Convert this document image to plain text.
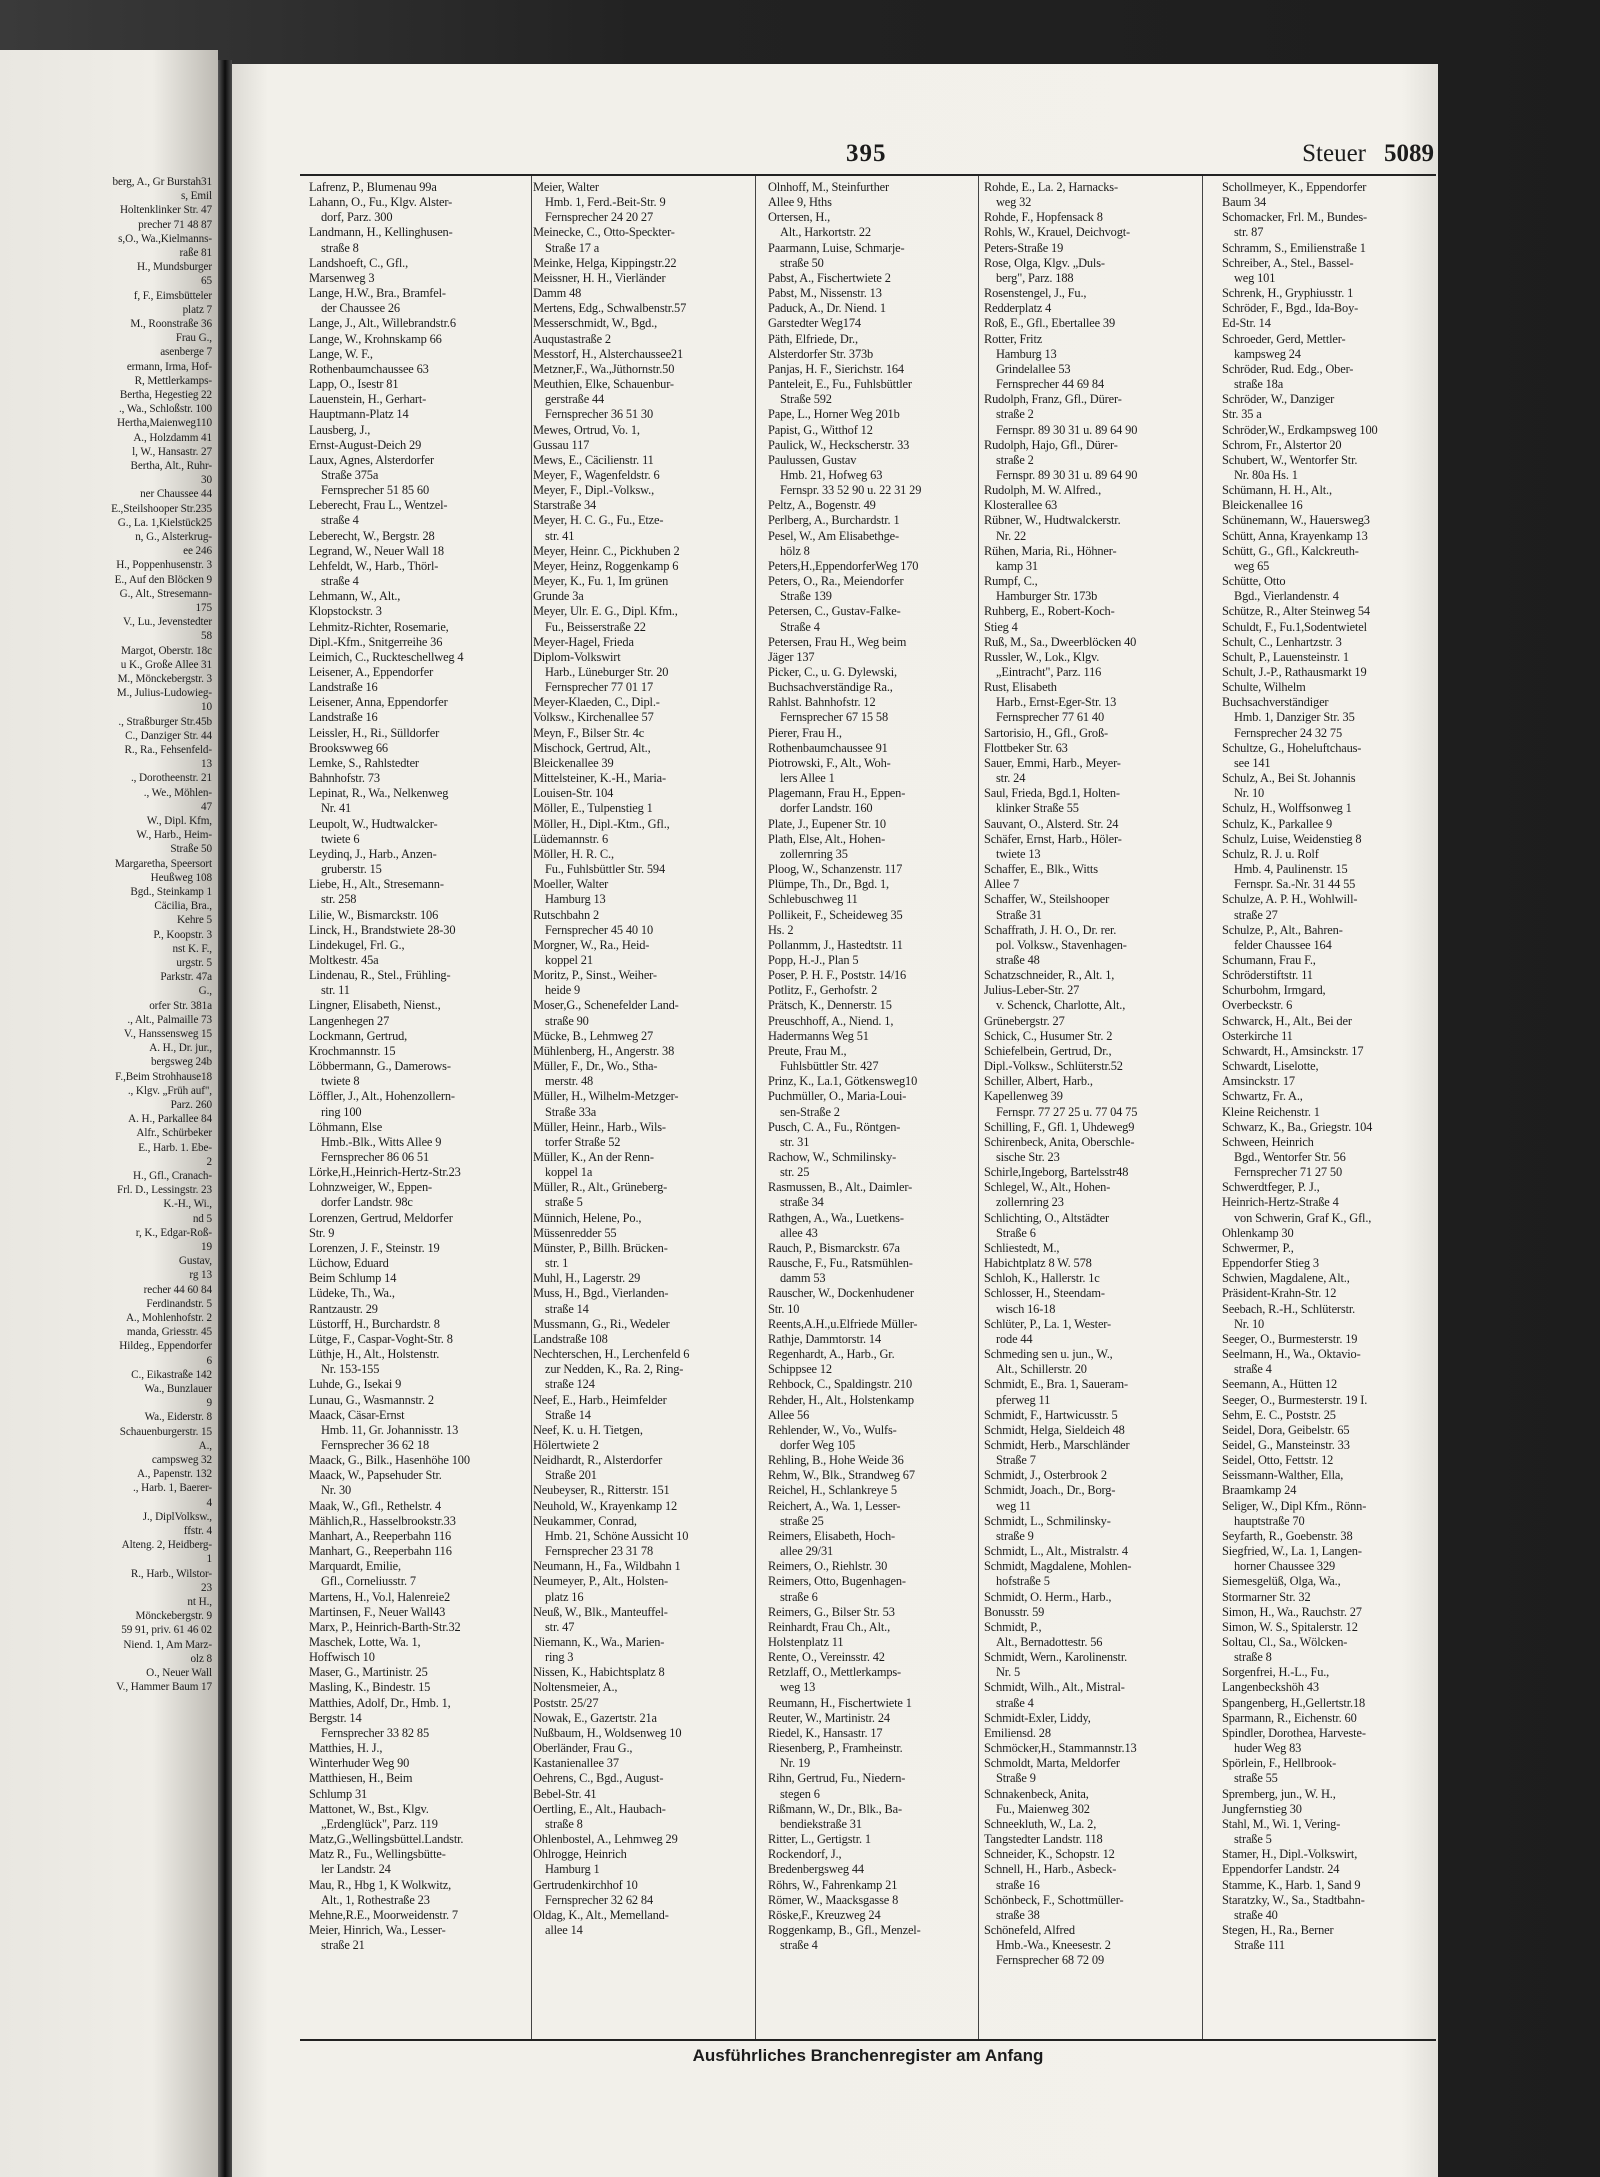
berg, A., Gr Burstah31
s, Emil
Holtenklinker Str. 47
precher 71 48 87
s,O., Wa.,Kielmanns-
raße 81
H., Mundsburger
65
f, F., Eimsbütteler
platz 7
M., Roonstraße 36
Frau G.,
asenberge 7
ermann, Irma, Hof-
R, Mettlerkamps-
Bertha, Hegestieg 22
., Wa., Schloßstr. 100
Hertha,Maienweg110
A., Holzdamm 41
l, W., Hansastr. 27
Bertha, Alt., Ruhr-
30
ner Chaussee 44
E.,Steilshooper Str.235
G., La. 1,Kielstück25
n, G., Alsterkrug-
ee 246
H., Poppenhusenstr. 3
E., Auf den Blöcken 9
G., Alt., Stresemann-
175
V., Lu., Jevenstedter
58
Margot, Oberstr. 18c
u K., Große Allee 31
M., Mönckebergstr. 3
M., Julius-Ludowieg-
10
., Straßburger Str.45b
C., Danziger Str. 44
R., Ra., Fehsenfeld-
13
., Dorotheenstr. 21
., We., Möhlen-
47
W., Dipl. Kfm,
W., Harb., Heim-
Straße 50
Margaretha, Speersort
Heußweg 108
Bgd., Steinkamp 1
Cäcilia, Bra.,
Kehre 5
P., Koopstr. 3
nst K. F.,
urgstr. 5
Parkstr. 47a
G.,
orfer Str. 381a
., Alt., Palmaille 73
V., Hanssensweg 15
A. H., Dr. jur.,
bergsweg 24b
F.,Beim Strohhause18
., Klgv. „Früh auf",
Parz. 260
A. H., Parkallee 84
Alfr., Schürbeker
E., Harb. 1. Ebe-
2
H., Gfl., Cranach-
Frl. D., Lessingstr. 23
K.-H., Wi.,
nd 5
r, K., Edgar-Roß-
19
Gustav,
rg 13
recher 44 60 84
Ferdinandstr. 5
A., Mohlenhofstr. 2
manda, Griesstr. 45
Hildeg., Eppendorfer
6
C., Eikastraße 142
Wa., Bunzlauer
9
Wa., Eiderstr. 8
Schauenburgerstr. 15
A.,
campsweg 32
A., Papenstr. 132
., Harb. 1, Baerer-
4
J., DiplVolksw.,
ffstr. 4
Alteng. 2, Heidberg-
1
R., Harb., Wilstor-
23
nt H.,
Mönckebergstr. 9
59 91, priv. 61 46 02
Niend. 1, Am Marz-
olz 8
O., Neuer Wall
V., Hammer Baum 17
395	Steuer 5089
Lafrenz, P., Blumenau 99a
Lahann, O., Fu., Klgv. Alster-
dorf, Parz. 300
Landmann, H., Kellinghusen-
straße 8
Landshoeft, C., Gfl.,
Marsenweg 3
Lange, H.W., Bra., Bramfel-
der Chaussee 26
Lange, J., Alt., Willebrandstr.6
Lange, W., Krohnskamp 66
Lange, W. F.,
Rothenbaumchaussee 63
Lapp, O., Isestr 81
Lauenstein, H., Gerhart-
Hauptmann-Platz 14
Lausberg, J.,
Ernst-August-Deich 29
Laux, Agnes, Alsterdorfer
Straße 375a
Fernsprecher 51 85 60
Leberecht, Frau L., Wentzel-
straße 4
Leberecht, W., Bergstr. 28
Legrand, W., Neuer Wall 18
Lehfeldt, W., Harb., Thörl-
straße 4
Lehmann, W., Alt.,
Klopstockstr. 3
Lehmitz-Richter, Rosemarie,
Dipl.-Kfm., Snitgerreihe 36
Leimich, C., Ruckteschellweg 4
Leisener, A., Eppendorfer
Landstraße 16
Leisener, Anna, Eppendorfer
Landstraße 16
Leissler, H., Ri., Sülldorfer
Brookswweg 66
Lemke, S., Rahlstedter
Bahnhofstr. 73
Lepinat, R., Wa., Nelkenweg
Nr. 41
Leupolt, W., Hudtwalcker-
twiete 6
Leydinq, J., Harb., Anzen-
gruberstr. 15
Liebe, H., Alt., Stresemann-
str. 258
Lilie, W., Bismarckstr. 106
Linck, H., Brandstwiete 28-30
Lindekugel, Frl. G.,
Moltkestr. 45a
Lindenau, R., Stel., Frühling-
str. 11
Lingner, Elisabeth, Nienst.,
Langenhegen 27
Lockmann, Gertrud,
Krochmannstr. 15
Löbbermann, G., Damerows-
twiete 8
Löffler, J., Alt., Hohenzollern-
ring 100
Löhmann, Else
Hmb.-Blk., Witts Allee 9
Fernsprecher 86 06 51
Lörke,H.,Heinrich-Hertz-Str.23
Lohnzweiger, W., Eppen-
dorfer Landstr. 98c
Lorenzen, Gertrud, Meldorfer
Str. 9
Lorenzen, J. F., Steinstr. 19
Lüchow, Eduard
Beim Schlump 14
Lüdeke, Th., Wa.,
Rantzaustr. 29
Lüstorff, H., Burchardstr. 8
Lütge, F., Caspar-Voght-Str. 8
Lüthje, H., Alt., Holstenstr.
Nr. 153-155
Luhde, G., Isekai 9
Lunau, G., Wasmannstr. 2
Maack, Cäsar-Ernst
Hmb. 11, Gr. Johannisstr. 13
Fernsprecher 36 62 18
Maack, G., Bilk., Hasenhöhe 100
Maack, W., Papsehuder Str.
Nr. 30
Maak, W., Gfl., Rethelstr. 4
Mählich,R., Hasselbrookstr.33
Manhart, A., Reeperbahn 116
Manhart, G., Reeperbahn 116
Marquardt, Emilie,
Gfl., Corneliusstr. 7
Martens, H., Vo.l, Halenreie2
Martinsen, F., Neuer Wall43
Marx, P., Heinrich-Barth-Str.32
Maschek, Lotte, Wa. 1,
Hoffwisch 10
Maser, G., Martinistr. 25
Masling, K., Bindestr. 15
Matthies, Adolf, Dr., Hmb. 1,
Bergstr. 14
Fernsprecher 33 82 85
Matthies, H. J.,
Winterhuder Weg 90
Matthiesen, H., Beim
Schlump 31
Mattonet, W., Bst., Klgv.
„Erdenglück", Parz. 119
Matz,G.,Wellingsbüttel.Landstr.
Matz R., Fu., Wellingsbütte-
ler Landstr. 24
Mau, R., Hbg 1, K Wolkwitz,
Alt., 1, Rothestraße 23
Mehne,R.E., Moorweidenstr. 7
Meier, Hinrich, Wa., Lesser-
straße 21
Meier, Walter
Hmb. 1, Ferd.-Beit-Str. 9
Fernsprecher 24 20 27
Meinecke, C., Otto-Speckter-
Straße 17 a
Meinke, Helga, Kippingstr.22
Meissner, H. H., Vierländer
Damm 48
Mertens, Edg., Schwalbenstr.57
Messerschmidt, W., Bgd.,
Auqustastraße 2
Messtorf, H., Alsterchaussee21
Metzner,F., Wa.,Jüthornstr.50
Meuthien, Elke, Schauenbur-
gerstraße 44
Fernsprecher 36 51 30
Mewes, Ortrud, Vo. 1,
Gussau 117
Mews, E., Cäcilienstr. 11
Meyer, F., Wagenfeldstr. 6
Meyer, F., Dipl.-Volksw.,
Starstraße 34
Meyer, H. C. G., Fu., Etze-
str. 41
Meyer, Heinr. C., Pickhuben 2
Meyer, Heinz, Roggenkamp 6
Meyer, K., Fu. 1, Im grünen
Grunde 3a
Meyer, Ulr. E. G., Dipl. Kfm.,
Fu., Beisserstraße 22
Meyer-Hagel, Frieda
Diplom-Volkswirt
Harb., Lüneburger Str. 20
Fernsprecher 77 01 17
Meyer-Klaeden, C., Dipl.-
Volksw., Kirchenallee 57
Meyn, F., Bilser Str. 4c
Mischock, Gertrud, Alt.,
Bleickenallee 39
Mittelsteiner, K.-H., Maria-
Louisen-Str. 104
Möller, E., Tulpenstieg 1
Möller, H., Dipl.-Ktm., Gfl.,
Lüdemannstr. 6
Möller, H. R. C.,
Fu., Fuhlsbüttler Str. 594
Moeller, Walter
Hamburg 13
Rutschbahn 2
Fernsprecher 45 40 10
Morgner, W., Ra., Heid-
koppel 21
Moritz, P., Sinst., Weiher-
heide 9
Moser,G., Schenefelder Land-
straße 90
Mücke, B., Lehmweg 27
Mühlenberg, H., Angerstr. 38
Müller, F., Dr., Wo., Stha-
merstr. 48
Müller, H., Wilhelm-Metzger-
Straße 33a
Müller, Heinr., Harb., Wils-
torfer Straße 52
Müller, K., An der Renn-
koppel 1a
Müller, R., Alt., Grüneberg-
straße 5
Münnich, Helene, Po.,
Müssenredder 55
Münster, P., Billh. Brücken-
str. 1
Muhl, H., Lagerstr. 29
Muss, H., Bgd., Vierlanden-
straße 14
Mussmann, G., Ri., Wedeler
Landstraße 108
Nechterschen, H., Lerchenfeld 6
zur Nedden, K., Ra. 2, Ring-
straße 124
Neef, E., Harb., Heimfelder
Straße 14
Neef, K. u. H. Tietgen,
Hölertwiete 2
Neidhardt, R., Alsterdorfer
Straße 201
Neubeyser, R., Ritterstr. 151
Neuhold, W., Krayenkamp 12
Neukammer, Conrad,
Hmb. 21, Schöne Aussicht 10
Fernsprecher 23 31 78
Neumann, H., Fa., Wildbahn 1
Neumeyer, P., Alt., Holsten-
platz 16
Neuß, W., Blk., Manteuffel-
str. 47
Niemann, K., Wa., Marien-
ring 3
Nissen, K., Habichtsplatz 8
Noltensmeier, A.,
Poststr. 25/27
Nowak, E., Gazertstr. 21a
Nußbaum, H., Woldsenweg 10
Oberländer, Frau G.,
Kastanienallee 37
Oehrens, C., Bgd., August-
Bebel-Str. 41
Oertling, E., Alt., Haubach-
straße 8
Ohlenbostel, A., Lehmweg 29
Ohlrogge, Heinrich
Hamburg 1
Gertrudenkirchhof 10
Fernsprecher 32 62 84
Oldag, K., Alt., Memelland-
allee 14
Olnhoff, M., Steinfurther
Allee 9, Hths
Ortersen, H.,
Alt., Harkortstr. 22
Paarmann, Luise, Schmarje-
straße 50
Pabst, A., Fischertwiete 2
Pabst, M., Nissenstr. 13
Paduck, A., Dr. Niend. 1
Garstedter Weg174
Päth, Elfriede, Dr.,
Alsterdorfer Str. 373b
Panjas, H. F., Sierichstr. 164
Panteleit, E., Fu., Fuhlsbüttler
Straße 592
Pape, L., Horner Weg 201b
Papist, G., Witthof 12
Paulick, W., Heckscherstr. 33
Paulussen, Gustav
Hmb. 21, Hofweg 63
Fernspr. 33 52 90 u. 22 31 29
Peltz, A., Bogenstr. 49
Perlberg, A., Burchardstr. 1
Pesel, W., Am Elisabethge-
hölz 8
Peters,H.,EppendorferWeg 170
Peters, O., Ra., Meiendorfer
Straße 139
Petersen, C., Gustav-Falke-
Straße 4
Petersen, Frau H., Weg beim
Jäger 137
Picker, C., u. G. Dylewski,
Buchsachverständige Ra.,
Rahlst. Bahnhofstr. 12
Fernsprecher 67 15 58
Pierer, Frau H.,
Rothenbaumchaussee 91
Piotrowski, F., Alt., Woh-
lers Allee 1
Plagemann, Frau H., Eppen-
dorfer Landstr. 160
Plate, J., Eupener Str. 10
Plath, Else, Alt., Hohen-
zollernring 35
Ploog, W., Schanzenstr. 117
Plümpe, Th., Dr., Bgd. 1,
Schlebuschweg 11
Pollikeit, F., Scheideweg 35
Hs. 2
Pollanmm, J., Hastedtstr. 11
Popp, H.-J., Plan 5
Poser, P. H. F., Poststr. 14/16
Potlitz, F., Gerhofstr. 2
Prätsch, K., Dennerstr. 15
Preuschhoff, A., Niend. 1,
Hadermanns Weg 51
Preute, Frau M.,
Fuhlsbüttler Str. 427
Prinz, K., La.1, Götkensweg10
Puchmüller, O., Maria-Loui-
sen-Straße 2
Pusch, C. A., Fu., Röntgen-
str. 31
Rachow, W., Schmilinsky-
str. 25
Rasmussen, B., Alt., Daimler-
straße 34
Rathgen, A., Wa., Luetkens-
allee 43
Rauch, P., Bismarckstr. 67a
Rausche, F., Fu., Ratsmühlen-
damm 53
Rauscher, W., Dockenhudener
Str. 10
Reents,A.H.,u.Elfriede Müller-
Rathje, Dammtorstr. 14
Regenhardt, A., Harb., Gr.
Schippsee 12
Rehbock, C., Spaldingstr. 210
Rehder, H., Alt., Holstenkamp
Allee 56
Rehlender, W., Vo., Wulfs-
dorfer Weg 105
Rehling, B., Hohe Weide 36
Rehm, W., Blk., Strandweg 67
Reichel, H., Schlankreye 5
Reichert, A., Wa. 1, Lesser-
straße 25
Reimers, Elisabeth, Hoch-
allee 29/31
Reimers, O., Riehlstr. 30
Reimers, Otto, Bugenhagen-
straße 6
Reimers, G., Bilser Str. 53
Reinhardt, Frau Ch., Alt.,
Holstenplatz 11
Rente, O., Vereinsstr. 42
Retzlaff, O., Mettlerkamps-
weg 13
Reumann, H., Fischertwiete 1
Reuter, W., Martinistr. 24
Riedel, K., Hansastr. 17
Riesenberg, P., Framheinstr.
Nr. 19
Rihn, Gertrud, Fu., Niedern-
stegen 6
Rißmann, W., Dr., Blk., Ba-
bendiekstraße 31
Ritter, L., Gertigstr. 1
Rockendorf, J.,
Bredenbergsweg 44
Röhrs, W., Fahrenkamp 21
Römer, W., Maacksgasse 8
Röske,F., Kreuzweg 24
Roggenkamp, B., Gfl., Menzel-
straße 4
Rohde, E., La. 2, Harnacks-
weg 32
Rohde, F., Hopfensack 8
Rohls, W., Krauel, Deichvogt-
Peters-Straße 19
Rose, Olga, Klgv. „Duls-
berg", Parz. 188
Rosenstengel, J., Fu.,
Redderplatz 4
Roß, E., Gfl., Ebertallee 39
Rotter, Fritz
Hamburg 13
Grindelallee 53
Fernsprecher 44 69 84
Rudolph, Franz, Gfl., Dürer-
straße 2
Fernspr. 89 30 31 u. 89 64 90
Rudolph, Hajo, Gfl., Dürer-
straße 2
Fernspr. 89 30 31 u. 89 64 90
Rudolph, M. W. Alfred.,
Klosterallee 63
Rübner, W., Hudtwalckerstr.
Nr. 22
Rühen, Maria, Ri., Höhner-
kamp 31
Rumpf, C.,
Hamburger Str. 173b
Ruhberg, E., Robert-Koch-
Stieg 4
Ruß, M., Sa., Dweerblöcken 40
Russler, W., Lok., Klgv.
„Eintracht", Parz. 116
Rust, Elisabeth
Harb., Ernst-Eger-Str. 13
Fernsprecher 77 61 40
Sartorisio, H., Gfl., Groß-
Flottbeker Str. 63
Sauer, Emmi, Harb., Meyer-
str. 24
Saul, Frieda, Bgd.1, Holten-
klinker Straße 55
Sauvant, O., Alsterd. Str. 24
Schäfer, Ernst, Harb., Höler-
twiete 13
Schaffer, E., Blk., Witts
Allee 7
Schaffer, W., Steilshooper
Straße 31
Schaffrath, J. H. O., Dr. rer.
pol. Volksw., Stavenhagen-
straße 48
Schatzschneider, R., Alt. 1,
Julius-Leber-Str. 27
v. Schenck, Charlotte, Alt.,
Grünebergstr. 27
Schick, C., Husumer Str. 2
Schiefelbein, Gertrud, Dr.,
Dipl.-Volksw., Schlüterstr.52
Schiller, Albert, Harb.,
Kapellenweg 39
Fernspr. 77 27 25 u. 77 04 75
Schilling, F., Gfl. 1, Uhdeweg9
Schirenbeck, Anita, Oberschle-
sische Str. 23
Schirle,Ingeborg, Bartelsstr48
Schlegel, W., Alt., Hohen-
zollernring 23
Schlichting, O., Altstädter
Straße 6
Schliestedt, M.,
Habichtplatz 8 W. 578
Schloh, K., Hallerstr. 1c
Schlosser, H., Steendam-
wisch 16-18
Schlüter, P., La. 1, Wester-
rode 44
Schmeding sen u. jun., W.,
Alt., Schillerstr. 20
Schmidt, E., Bra. 1, Saueram-
pferweg 11
Schmidt, F., Hartwicusstr. 5
Schmidt, Helga, Sieldeich 48
Schmidt, Herb., Marschländer
Straße 7
Schmidt, J., Osterbrook 2
Schmidt, Joach., Dr., Borg-
weg 11
Schmidt, L., Schmilinsky-
straße 9
Schmidt, L., Alt., Mistralstr. 4
Schmidt, Magdalene, Mohlen-
hofstraße 5
Schmidt, O. Herm., Harb.,
Bonusstr. 59
Schmidt, P.,
Alt., Bernadottestr. 56
Schmidt, Wern., Karolinenstr.
Nr. 5
Schmidt, Wilh., Alt., Mistral-
straße 4
Schmidt-Exler, Liddy,
Emiliensd. 28
Schmöcker,H., Stammannstr.13
Schmoldt, Marta, Meldorfer
Straße 9
Schnakenbeck, Anita,
Fu., Maienweg 302
Schneekluth, W., La. 2,
Tangstedter Landstr. 118
Schneider, K., Schopstr. 12
Schnell, H., Harb., Asbeck-
straße 16
Schönbeck, F., Schottmüller-
straße 38
Schönefeld, Alfred
Hmb.-Wa., Kneesestr. 2
Fernsprecher 68 72 09
Schollmeyer, K., Eppendorfer
Baum 34
Schomacker, Frl. M., Bundes-
str. 87
Schramm, S., Emilienstraße 1
Schreiber, A., Stel., Bassel-
weg 101
Schrenk, H., Gryphiusstr. 1
Schröder, F., Bgd., Ida-Boy-
Ed-Str. 14
Schroeder, Gerd, Mettler-
kampsweg 24
Schröder, Rud. Edg., Ober-
straße 18a
Schröder, W., Danziger
Str. 35 a
Schröder,W., Erdkampsweg 100
Schrom, Fr., Alstertor 20
Schubert, W., Wentorfer Str.
Nr. 80a Hs. 1
Schümann, H. H., Alt.,
Bleickenallee 16
Schünemann, W., Hauersweg3
Schütt, Anna, Krayenkamp 13
Schütt, G., Gfl., Kalckreuth-
weg 65
Schütte, Otto
Bgd., Vierlandenstr. 4
Schütze, R., Alter Steinweg 54
Schuldt, F., Fu.1,Sodentwietel
Schult, C., Lenhartzstr. 3
Schult, P., Lauensteinstr. 1
Schult, J.-P., Rathausmarkt 19
Schulte, Wilhelm
Buchsachverständiger
Hmb. 1, Danziger Str. 35
Fernsprecher 24 32 75
Schultze, G., Hoheluftchaus-
see 141
Schulz, A., Bei St. Johannis
Nr. 10
Schulz, H., Wolffsonweg 1
Schulz, K., Parkallee 9
Schulz, Luise, Weidenstieg 8
Schulz, R. J. u. Rolf
Hmb. 4, Paulinenstr. 15
Fernspr. Sa.-Nr. 31 44 55
Schulze, A. P. H., Wohlwill-
straße 27
Schulze, P., Alt., Bahren-
felder Chaussee 164
Schumann, Frau F.,
Schröderstiftstr. 11
Schurbohm, Irmgard,
Overbeckstr. 6
Schwarck, H., Alt., Bei der
Osterkirche 11
Schwardt, H., Amsinckstr. 17
Schwardt, Liselotte,
Amsinckstr. 17
Schwartz, Fr. A.,
Kleine Reichenstr. 1
Schwarz, K., Ba., Griegstr. 104
Schween, Heinrich
Bgd., Wentorfer Str. 56
Fernsprecher 71 27 50
Schwerdtfeger, P. J.,
Heinrich-Hertz-Straße 4
von Schwerin, Graf K., Gfl.,
Ohlenkamp 30
Schwermer, P.,
Eppendorfer Stieg 3
Schwien, Magdalene, Alt.,
Präsident-Krahn-Str. 12
Seebach, R.-H., Schlüterstr.
Nr. 10
Seeger, O., Burmesterstr. 19
Seelmann, H., Wa., Oktavio-
straße 4
Seemann, A., Hütten 12
Seeger, O., Burmesterstr. 19 I.
Sehm, E. C., Poststr. 25
Seidel, Dora, Geibelstr. 65
Seidel, G., Mansteinstr. 33
Seidel, Otto, Fettstr. 12
Seissmann-Walther, Ella,
Braamkamp 24
Seliger, W., Dipl Kfm., Rönn-
hauptstraße 70
Seyfarth, R., Goebenstr. 38
Siegfried, W., La. 1, Langen-
horner Chaussee 329
Siemesgelüß, Olga, Wa.,
Stormarner Str. 32
Simon, H., Wa., Rauchstr. 27
Simon, W. S., Spitalerstr. 12
Soltau, Cl., Sa., Wölcken-
straße 8
Sorgenfrei, H.-L., Fu.,
Langenbeckshöh 43
Spangenberg, H.,Gellertstr.18
Sparmann, R., Eichenstr. 60
Spindler, Dorothea, Harveste-
huder Weg 83
Spörlein, F., Hellbrook-
straße 55
Spremberg, jun., W. H.,
Jungfernstieg 30
Stahl, M., Wi. 1, Vering-
straße 5
Stamer, H., Dipl.-Volkswirt,
Eppendorfer Landstr. 24
Stamme, K., Harb. 1, Sand 9
Staratzky, W., Sa., Stadtbahn-
straße 40
Stegen, H., Ra., Berner
Straße 111
Ausführliches Branchenregister am Anfang
